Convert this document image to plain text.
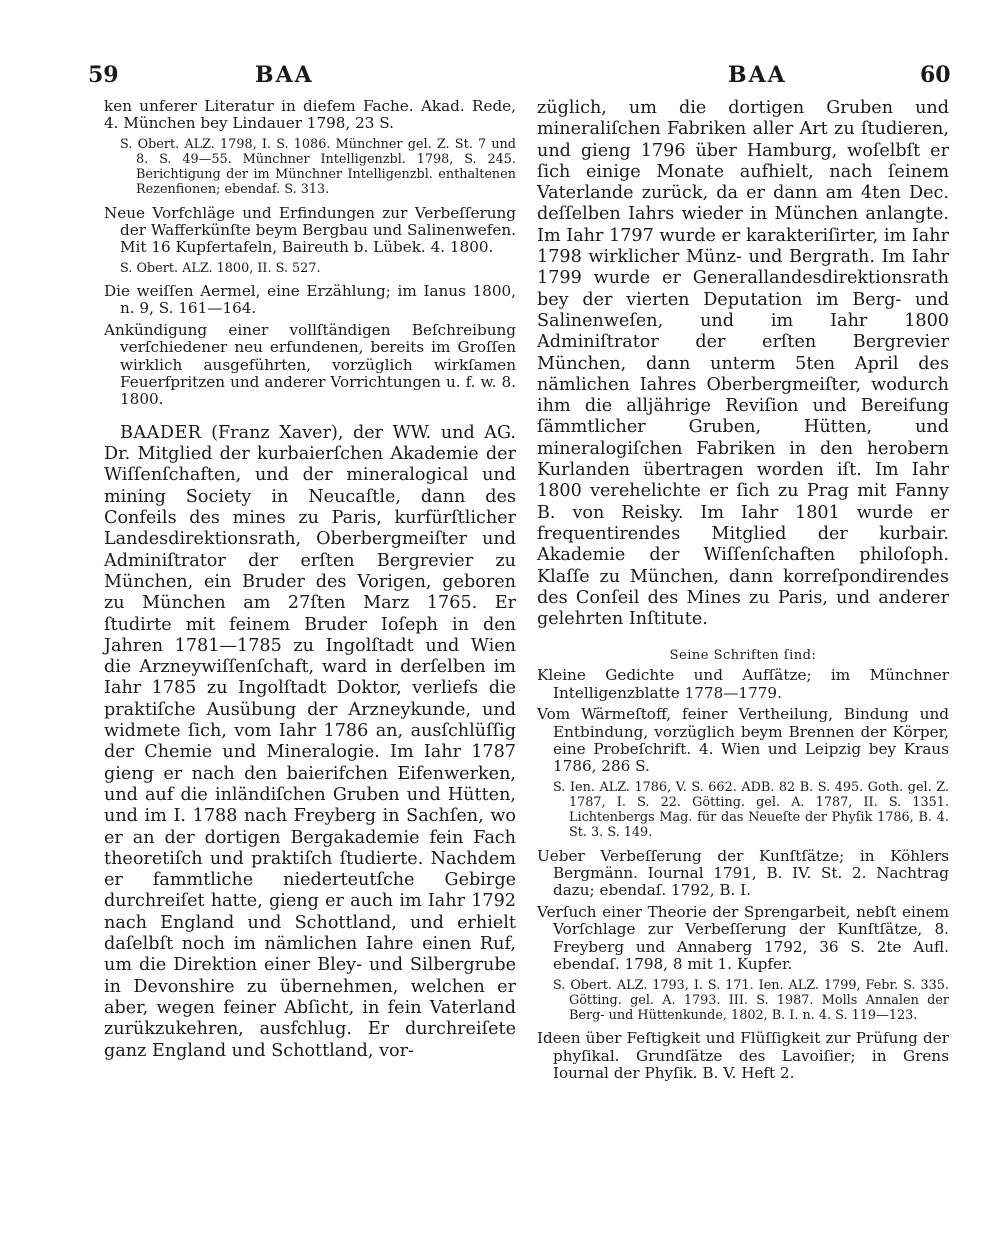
59	BAA	BAA	60

ken unferer Literatur in diefem Fache. Akad. Rede, 4. München bey Lindauer 1798, 23 S.

S. Obert. ALZ. 1798, I. S. 1086. Münchner gel. Z. St. 7 und 8. S. 49—55. Münchner Intelligenzbl. 1798, S. 245. Berichtigung der im Münchner Intelligenzbl. enthaltenen Rezenfionen; ebendaf. S. 313.

Neue Vorfchläge und Erfindungen zur Verbeſſerung der Wafferkünſte beym Bergbau und Salinenwefen. Mit 16 Kupfertafeln, Baireuth b. Lübek. 4. 1800.

S. Obert. ALZ. 1800, II. S. 527.

Die weiſſen Aermel, eine Erzählung; im Ianus 1800, n. 9, S. 161—164.

Ankündigung einer vollſtändigen Beſchreibung verſchiedener neu erfundenen, bereits im Groſſen wirklich ausgeführten, vorzüglich wirkſamen Feuerfpritzen und anderer Vorrichtungen u. f. w. 8. 1800.

BAADER (Franz Xaver), der WW. und AG. Dr. Mitglied der kurbaierſchen Akademie der Wiſſenſchaften, und der mineralogical und mining Society in Neucaſtle, dann des Confeils des mines zu Paris, kurfürſtlicher Landesdirektionsrath, Oberbergmeiſter und Adminiſtrator der erſten Bergrevier zu München, ein Bruder des Vorigen, geboren zu München am 27ſten Marz 1765. Er ſtudirte mit feinem Bruder Ioſeph in den Jahren 1781—1785 zu Ingolſtadt und Wien die Arzneywiſſenſchaft, ward in derſelben im Iahr 1785 zu Ingolſtadt Doktor, verliefs die praktiſche Ausübung der Arzneykunde, und widmete ſich, vom Iahr 1786 an, ausſchlüſſig der Chemie und Mineralogie. Im Iahr 1787 gieng er nach den baierifchen Eifenwerken, und auf die inländiſchen Gruben und Hütten, und im I. 1788 nach Freyberg in Sachſen, wo er an der dortigen Bergakademie fein Fach theoretiſch und praktiſch ſtudierte. Nachdem er fammtliche niederteutſche Gebirge durchreiſet hatte, gieng er auch im Iahr 1792 nach England und Schottland, und erhielt daſelbſt noch im nämlichen Iahre einen Ruf, um die Direktion einer Bley- und Silbergrube in Devonshire zu übernehmen, welchen er aber, wegen feiner Abſicht, in fein Vaterland zurükzukehren, ausfchlug. Er durchreiſete ganz England und Schottland, vor-

züglich, um die dortigen Gruben und mineraliſchen Fabriken aller Art zu ſtudieren, und gieng 1796 über Hamburg, woſelbſt er ſich einige Monate aufhielt, nach ſeinem Vaterlande zurück, da er dann am 4ten Dec. deſſelben Iahrs wieder in München anlangte. Im Iahr 1797 wurde er karakteriſirter, im Iahr 1798 wirklicher Münz- und Bergrath. Im Iahr 1799 wurde er Generallandesdirektionsrath bey der vierten Deputation im Berg- und Salinenweſen, und im Iahr 1800 Adminiſtrator der erſten Bergrevier München, dann unterm 5ten April des nämlichen Iahres Oberbergmeiſter, wodurch ihm die alljährige Reviſion und Bereifung ſämmtlicher Gruben, Hütten, und mineralogiſchen Fabriken in den herobern Kurlanden übertragen worden iſt. Im Iahr 1800 verehelichte er ſich zu Prag mit Fanny B. von Reisky. Im Iahr 1801 wurde er frequentirendes Mitglied der kurbair. Akademie der Wiſſenſchaften philoſoph. Klaſſe zu München, dann korreſpondirendes des Conſeil des Mines zu Paris, und anderer gelehrten Inſtitute.

Seine Schriften ſind:

Kleine Gedichte und Aufſätze; im Münchner Intelligenzblatte 1778—1779.

Vom Wärmeſtoff, feiner Vertheilung, Bindung und Entbindung, vorzüglich beym Brennen der Körper, eine Probeſchrift. 4. Wien und Leipzig bey Kraus 1786, 286 S.

S. Ien. ALZ. 1786, V. S. 662. ADB. 82 B. S. 495. Goth. gel. Z. 1787, I. S. 22. Götting. gel. A. 1787, II. S. 1351. Lichtenbergs Mag. für das Neueſte der Phyſik 1786, B. 4. St. 3. S. 149.

Ueber Verbeſſerung der Kunſtſätze; in Köhlers Bergmänn. Iournal 1791, B. IV. St. 2. Nachtrag dazu; ebendaſ. 1792, B. I.

Verſuch einer Theorie der Sprengarbeit, nebſt einem Vorſchlage zur Verbeſſerung der Kunſtſätze, 8. Freyberg und Annaberg 1792, 36 S. 2te Aufl. ebendaſ. 1798, 8 mit 1. Kupfer.

S. Obert. ALZ. 1793, I. S. 171. Ien. ALZ. 1799, Febr. S. 335. Götting. gel. A. 1793. III. S. 1987. Molls Annalen der Berg- und Hüttenkunde, 1802, B. I. n. 4. S. 119—123.

Ideen über Feſtigkeit und Flüſſigkeit zur Prüfung der phyſikal. Grundſätze des Lavoiſier; in Grens Iournal der Phyſik. B. V. Heft 2.
